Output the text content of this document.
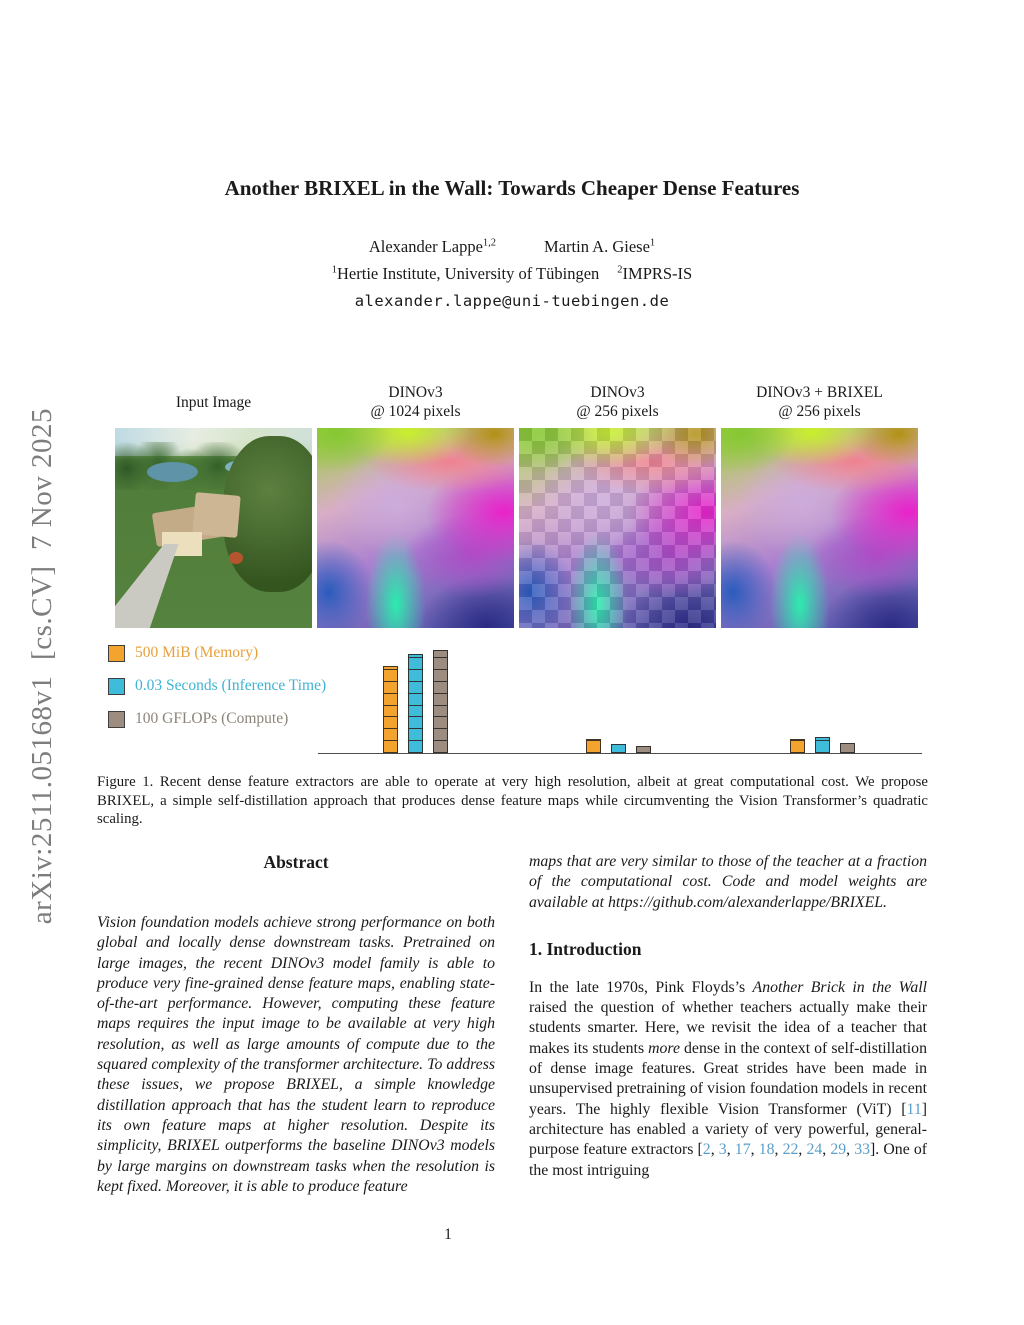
arXiv:2511.05168v1  [cs.CV]  7 Nov 2025
Another BRIXEL in the Wall: Towards Cheaper Dense Features
Alexander Lappe$^{1,2}$	Martin A. Giese$^1$
$^1$Hertie Institute, University of Tübingen $^2$IMPRS-IS
alexander.lappe@uni-tuebingen.de
Input Image
DINOv3
@ 1024 pixels
DINOv3
@ 256 pixels
DINOv3 + BRIXEL
@ 256 pixels
500 MiB (Memory)
0.03 Seconds (Inference Time)
100 GFLOPs (Compute)

Figure 1. Recent dense feature extractors are able to operate at very high resolution, albeit at great computational cost. We propose BRIXEL, a simple self-distillation approach that produces dense feature maps while circumventing the Vision Transformer’s quadratic scaling.

Abstract

Vision foundation models achieve strong performance on both global and locally dense downstream tasks. Pretrained on large images, the recent DINOv3 model family is able to produce very fine-grained dense feature maps, enabling state-of-the-art performance. However, computing these feature maps requires the input image to be available at very high resolution, as well as large amounts of compute due to the squared complexity of the transformer architecture. To address these issues, we propose BRIXEL, a simple knowledge distillation approach that has the student learn to reproduce its own feature maps at higher resolution. Despite its simplicity, BRIXEL outperforms the baseline DINOv3 models by large margins on downstream tasks when the resolution is kept fixed. Moreover, it is able to produce feature

maps that are very similar to those of the teacher at a fraction of the computational cost. Code and model weights are available at https://github.com/alexanderlappe/BRIXEL.

1. Introduction

In the late 1970s, Pink Floyds’s Another Brick in the Wall raised the question of whether teachers actually make their students smarter. Here, we revisit the idea of a teacher that makes its students more dense in the context of self-distillation of dense image features. Great strides have been made in unsupervised pretraining of vision foundation models in recent years. The highly flexible Vision Transformer (ViT) [11] architecture has enabled a variety of very powerful, general-purpose feature extractors [2, 3, 17, 18, 22, 24, 29, 33]. One of the most intriguing

1
